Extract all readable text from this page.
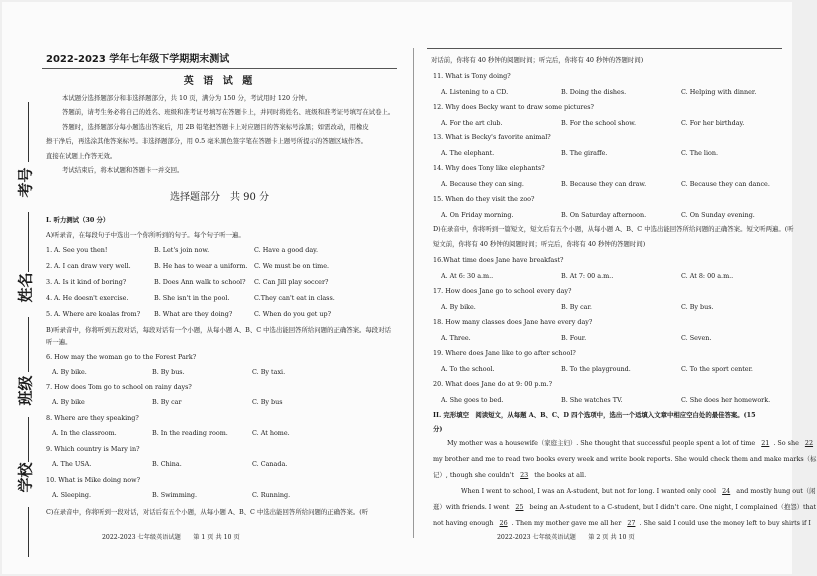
考号
姓名
班级
学校
2022-2023 学年七年级下学期期末测试
英 语 试 题
本试题分选择题部分和非选择题部分，共 10 页，满分为 150 分，考试用时 120 分钟。
答题前，请考生务必将自己的姓名、班级和准考证号填写在答题卡上，并同时将姓名、班级和准考证号填写在试卷上。
答题时，选择题部分每小题选出答案后，用 2B 铅笔把答题卡上对应题目的答案标号涂黑；如需改动，用橡皮
擦干净后，再选涂其他答案标号。非选择题部分，用 0.5 毫米黑色签字笔在答题卡上题号所提示的答题区域作答。
直接在试题上作答无效。
考试结束后，将本试题和答题卡一并交回。
选择题部分　共 90 分
I. 听力测试（30 分）
A)听录音，在每段句子中选出一个你所听到的句子。每个句子听一遍。
1. A. See you then!	B. Let's join now.	C. Have a good day.
2. A. I can draw very well.	B. He has to wear a uniform.	C. We must be on time.
3. A. Is it kind of boring?	B. Does Ann walk to school?	C. Can Jill play soccer?
4. A. He doesn't exercise.	B. She isn't in the pool.	C.They can't eat in class.
5. A. Where are koalas from?	B. What are they doing?	C. When do you get up?
B)听录音中，你将听到五段对话，每段对话有一个小题，从每小题 A、B、C 中选出能回答所给问题的正确答案。每段对话听一遍。
6. How may the woman go to the Forest Park?
A. By bike.	B. By bus.	C. By taxi.
7. How does Tom go to school on rainy days?
A. By bike	B. By car	C. By bus
8. Where are they speaking?
A. In the classroom.	B. In the reading room.	C. At home.
9. Which country is Mary in?
A. The USA.	B. China.	C. Canada.
10. What is Mike doing now?
A. Sleeping.	B. Swimming.	C. Running.
C)在录音中，你将听到一段对话，对话后有五个小题，从每小题 A、B、C 中选出能回答所给问题的正确答案。(听
2022-2023 七年级英语试题　　第 1 页 共 10 页
对话前，你将有 40 秒钟的阅题时间；听完后，你将有 40 秒钟的答题时间)
11. What is Tony doing?
A. Listening to a CD.	B. Doing the dishes.	C. Helping with dinner.
12. Why does Becky want to draw some pictures?
A. For the art club.	B. For the school show.	C. For her birthday.
13. What is Becky's favorite animal?
A. The elephant.	B. The giraffe.	C. The lion.
14. Why does Tony like elephants?
A. Because they can sing.	B. Because they can draw.	C. Because they can dance.
15. When do they visit the zoo?
A. On Friday morning.	B. On Saturday afternoon.	C. On Sunday evening.
D)在录音中，你将听到一篇短文，短文后有五个小题，从每小题 A、B、C 中选出能回答所给问题的正确答案。短文听两遍。(听
短文前，你将有 40 秒钟的阅题时间；听完后，你将有 40 秒钟的答题时间)
16.What time does Jane have breakfast?
A. At 6: 30 a.m..	B. At 7: 00 a.m..	C. At 8: 00 a.m..
17. How does Jane go to school every day?
A. By bike.	B. By car.	C. By bus.
18. How many classes does Jane have every day?
A. Three.	B. Four.	C. Seven.
19. Where does Jane like to go after school?
A. To the school.	B. To the playground.	C. To the sport center.
20. What does Jane do at 9: 00 p.m.?
A. She goes to bed.	B. She watches TV.	C. She does her homework.
II. 完形填空　阅读短文，从每题 A、B、C、D 四个选项中，选出一个适填入文章中相应空白处的最佳答案。(15
分)
My mother was a housewife（家庭主妇）. She thought that successful people spent a lot of time 21 . So she 22
my brother and me to read two books every week and write book reports. She would check them and make marks（标
记）, though she couldn't 23 the books at all.
When I went to school, I was an A-student, but not for long. I wanted only cool 24 and mostly hung out（闲
逛）with friends. I went 25 being an A-student to a C-student, but I didn't care. One night, I complained（抱怨）that
not having enough 26 . Then my mother gave me all her 27 . She said I could use the money left to buy shirts if I
2022-2023 七年级英语试题　　第 2 页 共 10 页
